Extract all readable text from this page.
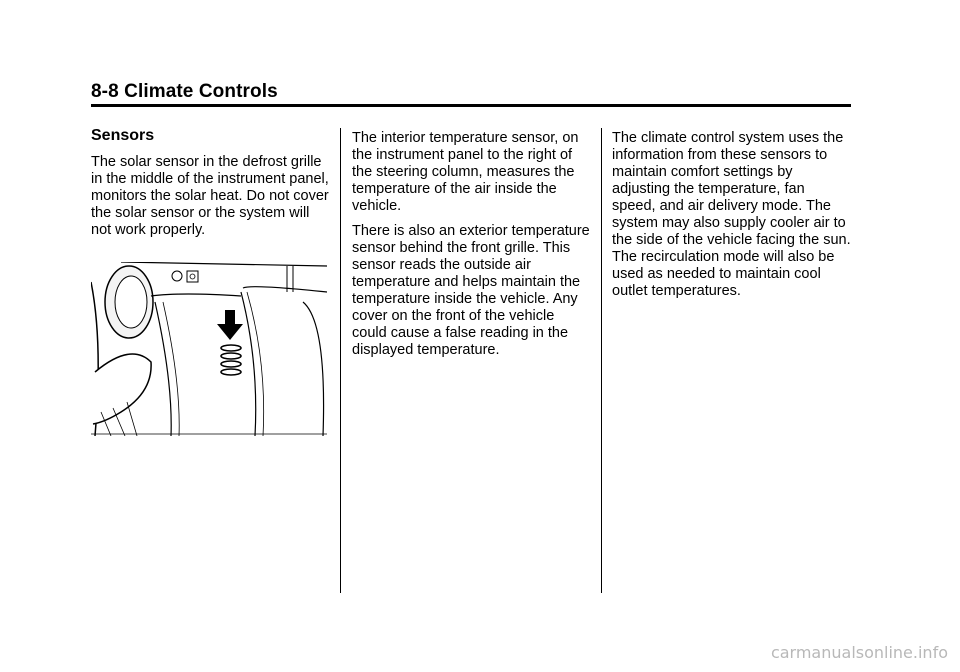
8-8 Climate Controls
Sensors

The solar sensor in the defrost grille in the middle of the instrument panel, monitors the solar heat. Do not cover the solar sensor or the system will not work properly.

The interior temperature sensor, on the instrument panel to the right of the steering column, measures the temperature of the air inside the vehicle.

There is also an exterior temperature sensor behind the front grille. This sensor reads the outside air temperature and helps maintain the temperature inside the vehicle. Any cover on the front of the vehicle could cause a false reading in the displayed temperature.

The climate control system uses the information from these sensors to maintain comfort settings by adjusting the temperature, fan speed, and air delivery mode. The system may also supply cooler air to the side of the vehicle facing the sun. The recirculation mode will also be used as needed to maintain cool outlet temperatures.

carmanualsonline.info
